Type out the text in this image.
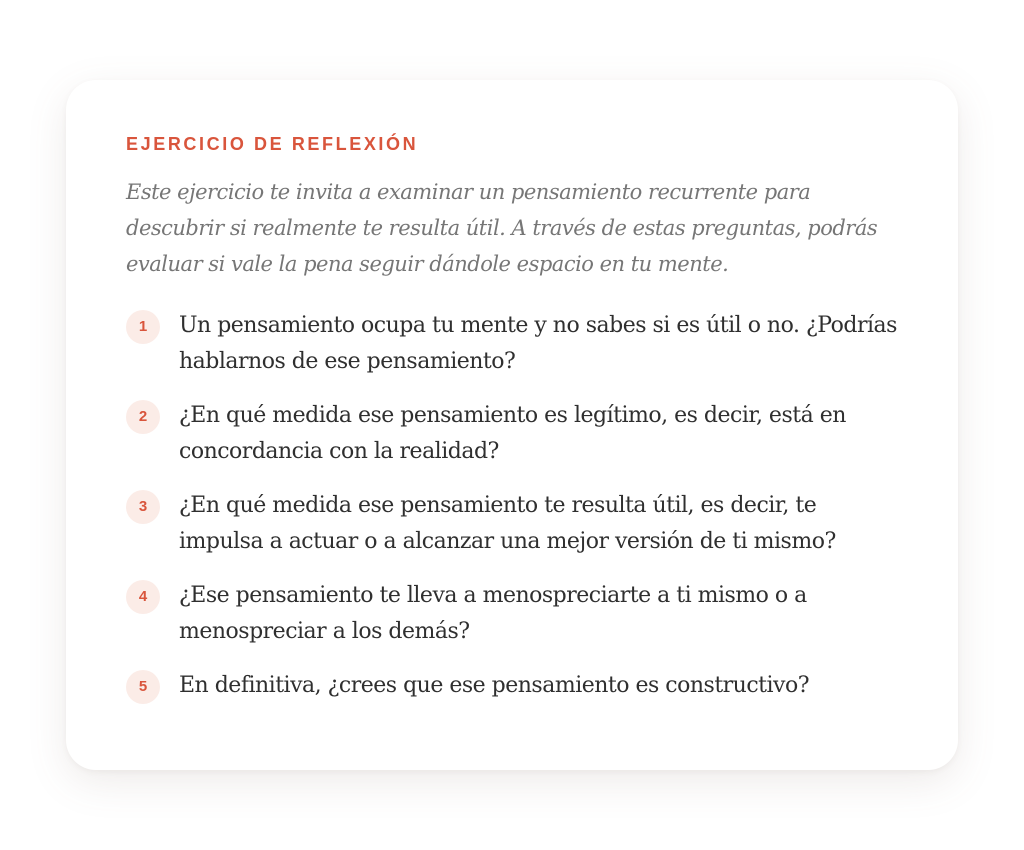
EJERCICIO DE REFLEXIÓN

Este ejercicio te invita a examinar un pensamiento recurrente para descubrir si realmente te resulta útil. A través de estas preguntas, podrás evaluar si vale la pena seguir dándole espacio en tu mente.

1	Un pensamiento ocupa tu mente y no sabes si es útil o no. ¿Podrías hablarnos de ese pensamiento?
2	¿En qué medida ese pensamiento es legítimo, es decir, está en concordancia con la realidad?
3	¿En qué medida ese pensamiento te resulta útil, es decir, te impulsa a actuar o a alcanzar una mejor versión de ti mismo?
4	¿Ese pensamiento te lleva a menospreciarte a ti mismo o a menospreciar a los demás?
5	En definitiva, ¿crees que ese pensamiento es constructivo?
